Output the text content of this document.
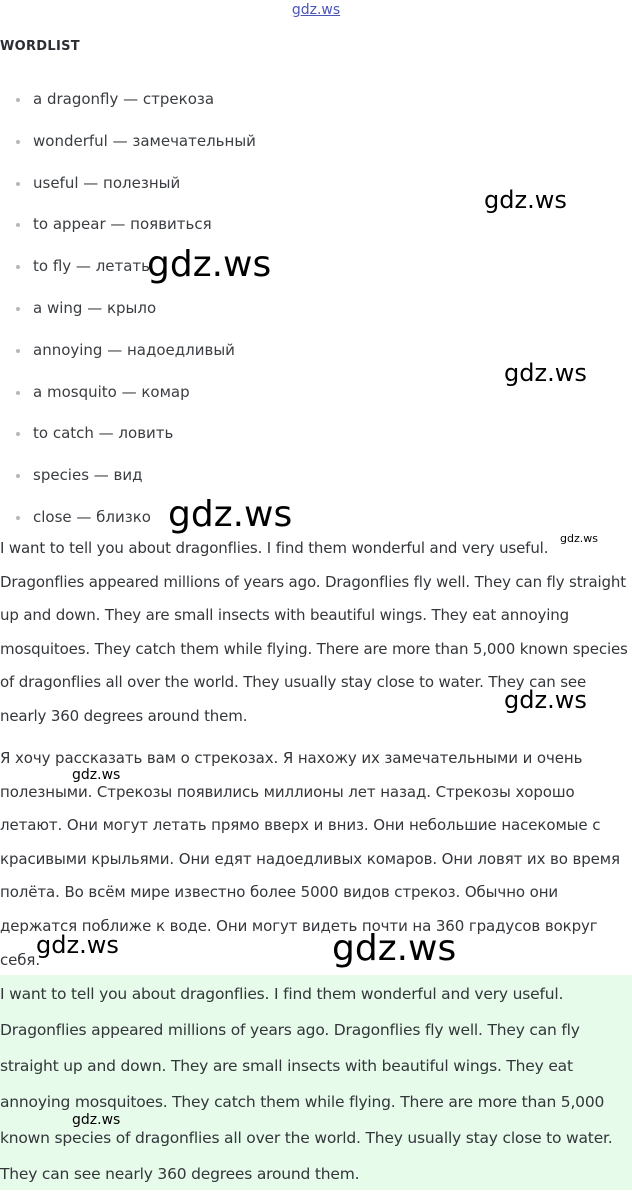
gdz.ws
WORDLIST
a dragonfly — стрекоза
wonderful — замечательный
useful — полезный
to appear — появиться
to fly — летать
a wing — крыло
annoying — надоедливый
a mosquito — комар
to catch — ловить
species — вид
close — близко

I want to tell you about dragonflies. I find them wonderful and very useful. Dragonflies appeared millions of years ago. Dragonflies fly well. They can fly straight up and down. They are small insects with beautiful wings. They eat annoying mosquitoes. They catch them while flying. There are more than 5,000 known species of dragonflies all over the world. They usually stay close to water. They can see nearly 360 degrees around them.

Я хочу рассказать вам о стрекозах. Я нахожу их замечательными и очень полезными. Стрекозы появились миллионы лет назад. Стрекозы хорошо летают. Они могут летать прямо вверх и вниз. Они небольшие насекомые с красивыми крыльями. Они едят надоедливых комаров. Они ловят их во время полёта. Во всём мире известно более 5000 видов стрекоз. Обычно они держатся поближе к воде. Они могут видеть почти на 360 градусов вокруг себя.

I want to tell you about dragonflies. I find them wonderful and very useful. Dragonflies appeared millions of years ago. Dragonflies fly well. They can fly straight up and down. They are small insects with beautiful wings. They eat annoying mosquitoes. They catch them while flying. There are more than 5,000 known species of dragonflies all over the world. They usually stay close to water. They can see nearly 360 degrees around them.

gdz.ws
gdz.ws
gdz.ws
gdz.ws
gdz.ws
gdz.ws
gdz.ws
gdz.ws	gdz.ws
gdz.ws
